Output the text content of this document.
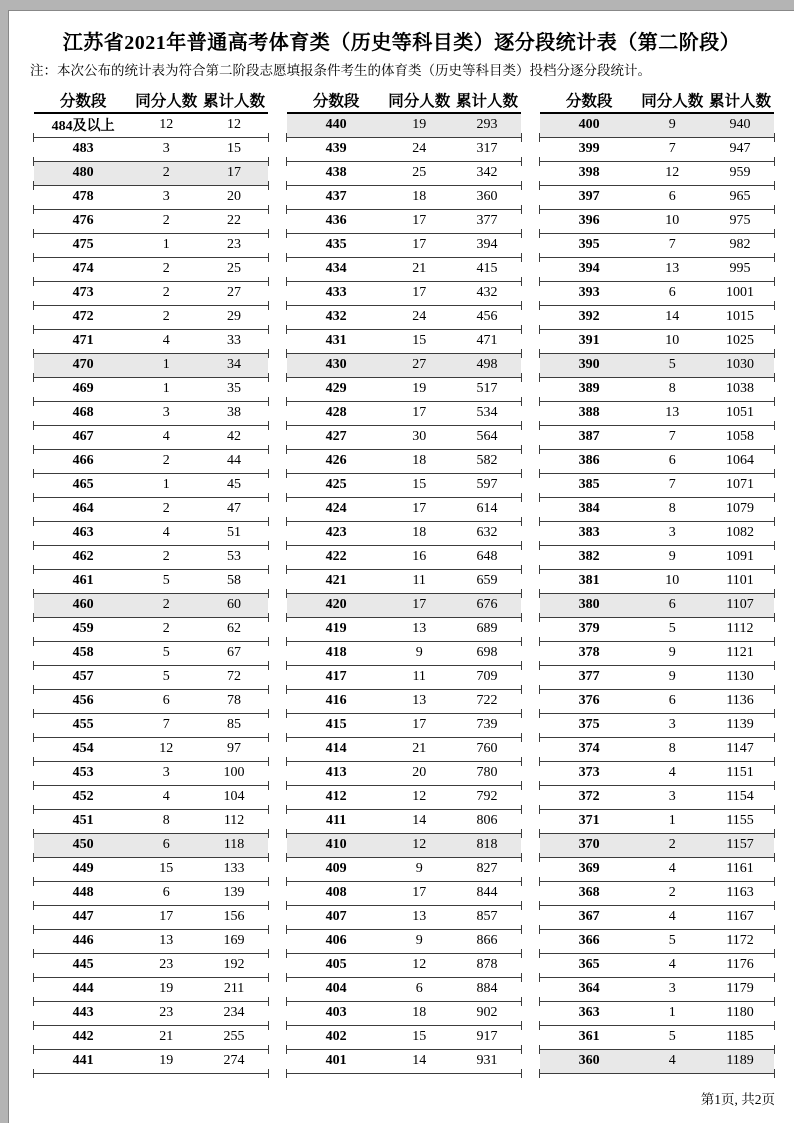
江苏省2021年普通高考体育类（历史等科目类）逐分段统计表（第二阶段）
注：本次公布的统计表为符合第二阶段志愿填报条件考生的体育类（历史等科目类）投档分逐分段统计。
分数段	同分人数 累计人数
484及以上	12	12
483	3	15
480	2	17
478	3	20
476	2	22
475	1	23
474	2	25
473	2	27
472	2	29
471	4	33
470	1	34
469	1	35
468	3	38
467	4	42
466	2	44
465	1	45
464	2	47
463	4	51
462	2	53
461	5	58
460	2	60
459	2	62
458	5	67
457	5	72
456	6	78
455	7	85
454	12	97
453	3	100
452	4	104
451	8	112
450	6	118
449	15	133
448	6	139
447	17	156
446	13	169
445	23	192
444	19	211
443	23	234
442	21	255
441	19	274
分数段	同分人数 累计人数
440	19	293
439	24	317
438	25	342
437	18	360
436	17	377
435	17	394
434	21	415
433	17	432
432	24	456
431	15	471
430	27	498
429	19	517
428	17	534
427	30	564
426	18	582
425	15	597
424	17	614
423	18	632
422	16	648
421	11	659
420	17	676
419	13	689
418	9	698
417	11	709
416	13	722
415	17	739
414	21	760
413	20	780
412	12	792
411	14	806
410	12	818
409	9	827
408	17	844
407	13	857
406	9	866
405	12	878
404	6	884
403	18	902
402	15	917
401	14	931
分数段	同分人数 累计人数
400	9	940
399	7	947
398	12	959
397	6	965
396	10	975
395	7	982
394	13	995
393	6	1001
392	14	1015
391	10	1025
390	5	1030
389	8	1038
388	13	1051
387	7	1058
386	6	1064
385	7	1071
384	8	1079
383	3	1082
382	9	1091
381	10	1101
380	6	1107
379	5	1112
378	9	1121
377	9	1130
376	6	1136
375	3	1139
374	8	1147
373	4	1151
372	3	1154
371	1	1155
370	2	1157
369	4	1161
368	2	1163
367	4	1167
366	5	1172
365	4	1176
364	3	1179
363	1	1180
361	5	1185
360	4	1189
第1页, 共2页
